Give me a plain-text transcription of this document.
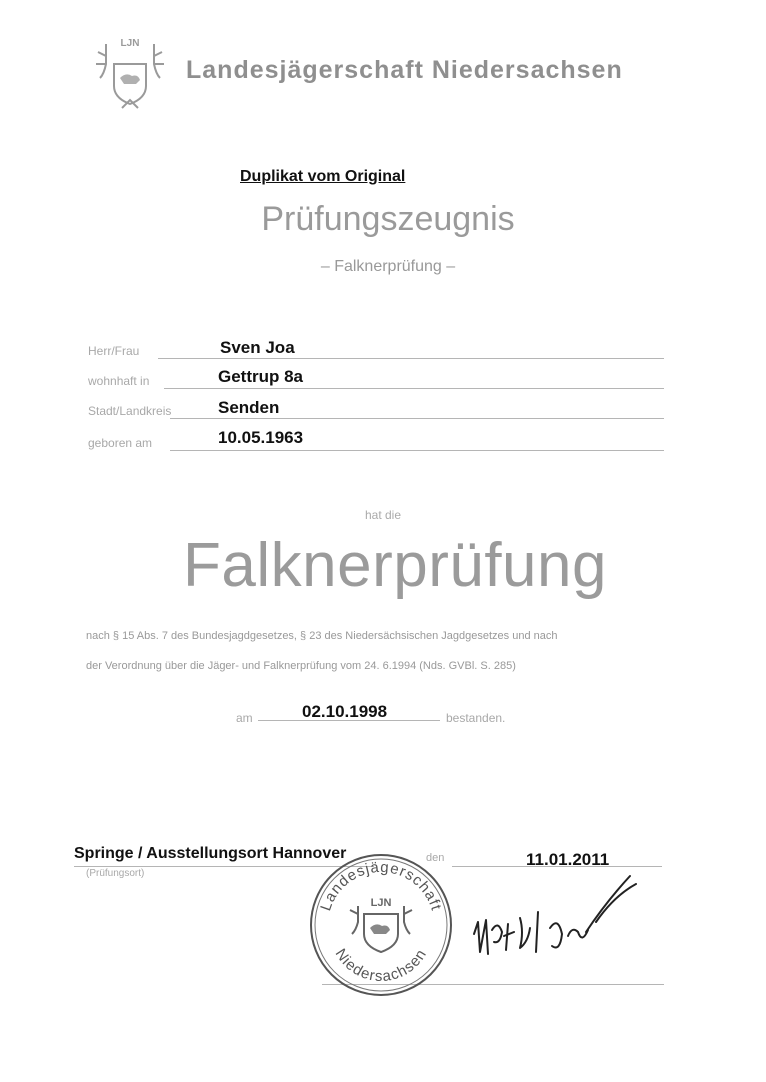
LJN
Landesjägerschaft Niedersachsen
Duplikat vom Original
Prüfungszeugnis
– Falknerprüfung –
Herr/Frau	Sven Joa
wohnhaft in	Gettrup 8a
Stadt/Landkreis	Senden
geboren am	10.05.1963
hat die
Falknerprüfung
nach § 15 Abs. 7 des Bundesjagdgesetzes, § 23 des Niedersächsischen Jagdgesetzes und nach
der Verordnung über die Jäger- und Falknerprüfung vom 24. 6.1994 (Nds. GVBl. S. 285)
am	02.10.1998	bestanden.
Springe / Ausstellungsort Hannover
(Prüfungsort)
den	11.01.2011
Landesjägerschaft
Niedersachsen
LJN
